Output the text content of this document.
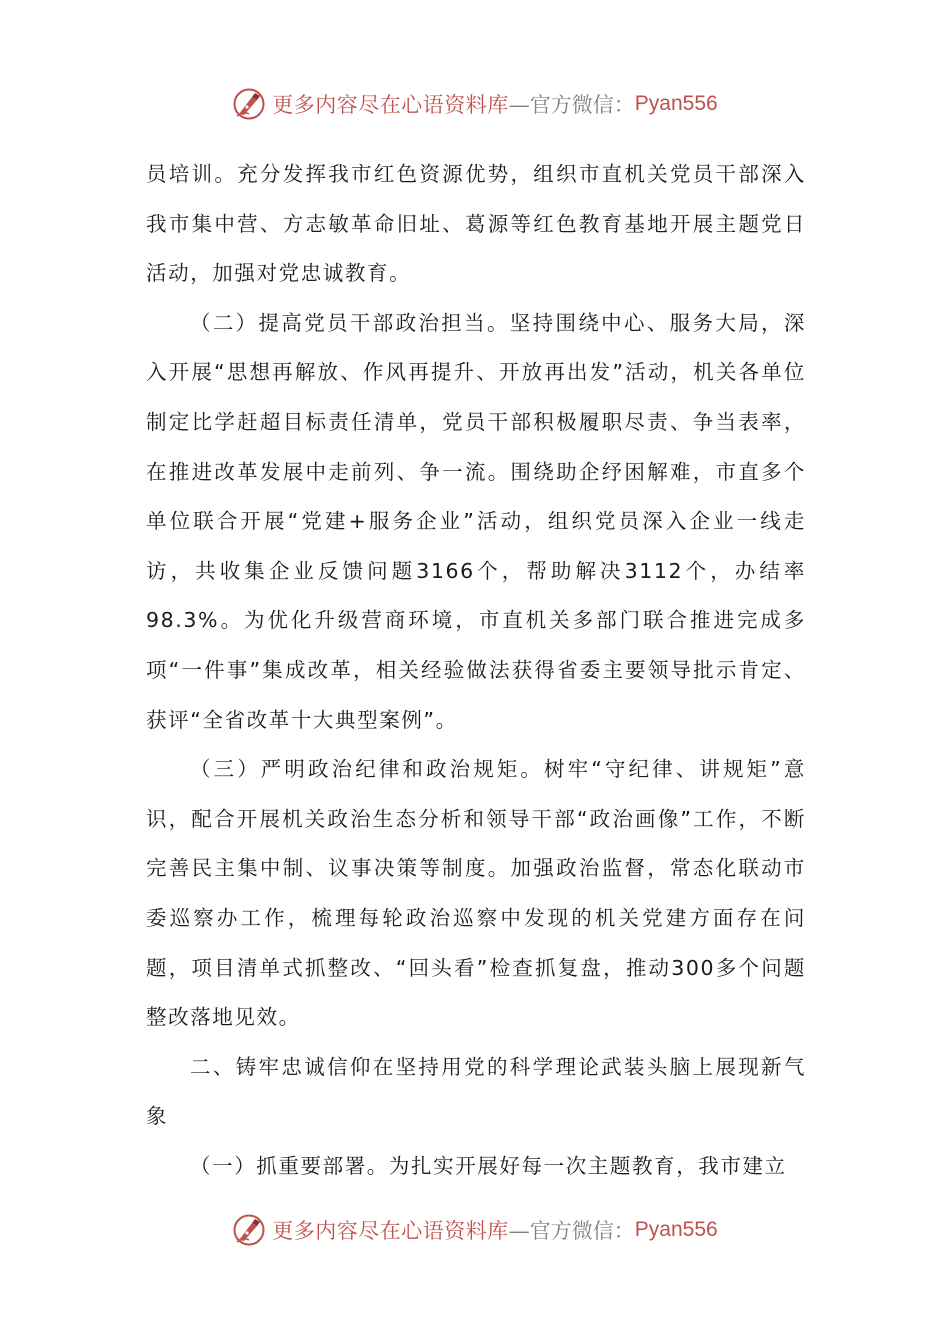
更多内容尽在心语资料库 —官方微信： Pyan556

员培训。充分发挥我市红色资源优势，组织市直机关党员干部深入我市集中营、方志敏革命旧址、葛源等红色教育基地开展主题党日活动，加强对党忠诚教育。

（二）提高党员干部政治担当。坚持围绕中心、服务大局，深入开展“思想再解放、作风再提升、开放再出发”活动，机关各单位制定比学赶超目标责任清单，党员干部积极履职尽责、争当表率，在推进改革发展中走前列、争一流。围绕助企纾困解难，市直多个单位联合开展“党建+服务企业”活动，组织党员深入企业一线走访，共收集企业反馈问题3166个，帮助解决3112个，办结率98.3%。为优化升级营商环境，市直机关多部门联合推进完成多项“一件事”集成改革，相关经验做法获得省委主要领导批示肯定、获评“全省改革十大典型案例”。

（三）严明政治纪律和政治规矩。树牢“守纪律、讲规矩”意识，配合开展机关政治生态分析和领导干部“政治画像”工作，不断完善民主集中制、议事决策等制度。加强政治监督，常态化联动市委巡察办工作，梳理每轮政治巡察中发现的机关党建方面存在问题，项目清单式抓整改、“回头看”检查抓复盘，推动300多个问题整改落地见效。

二、铸牢忠诚信仰在坚持用党的科学理论武装头脑上展现新气象

（一）抓重要部署。为扎实开展好每一次主题教育，我市建立

更多内容尽在心语资料库 —官方微信： Pyan556
